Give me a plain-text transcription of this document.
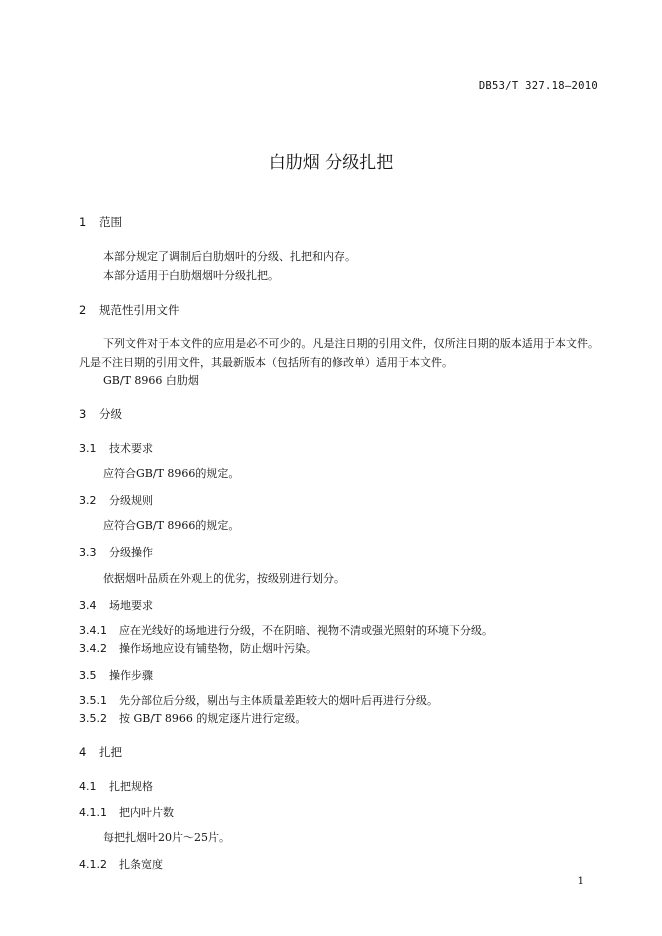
DB53/T 327.18—2010
白肋烟 分级扎把
1 范围
本部分规定了调制后白肋烟叶的分级、扎把和内存。
本部分适用于白肋烟烟叶分级扎把。
2 规范性引用文件
下列文件对于本文件的应用是必不可少的。凡是注日期的引用文件，仅所注日期的版本适用于本文件。凡是不注日期的引用文件，其最新版本（包括所有的修改单）适用于本文件。
GB/T 8966 白肋烟
3 分级
3.1 技术要求
应符合GB/T 8966的规定。
3.2 分级规则
应符合GB/T 8966的规定。
3.3 分级操作
依据烟叶品质在外观上的优劣，按级别进行划分。
3.4 场地要求
3.4.1 应在光线好的场地进行分级，不在阴暗、视物不清或强光照射的环境下分级。
3.4.2 操作场地应设有铺垫物，防止烟叶污染。
3.5 操作步骤
3.5.1 先分部位后分级，剔出与主体质量差距较大的烟叶后再进行分级。
3.5.2 按 GB/T 8966 的规定逐片进行定级。
4 扎把
4.1 扎把规格
4.1.1 把内叶片数
每把扎烟叶20片～25片。
4.1.2 扎条宽度
1
